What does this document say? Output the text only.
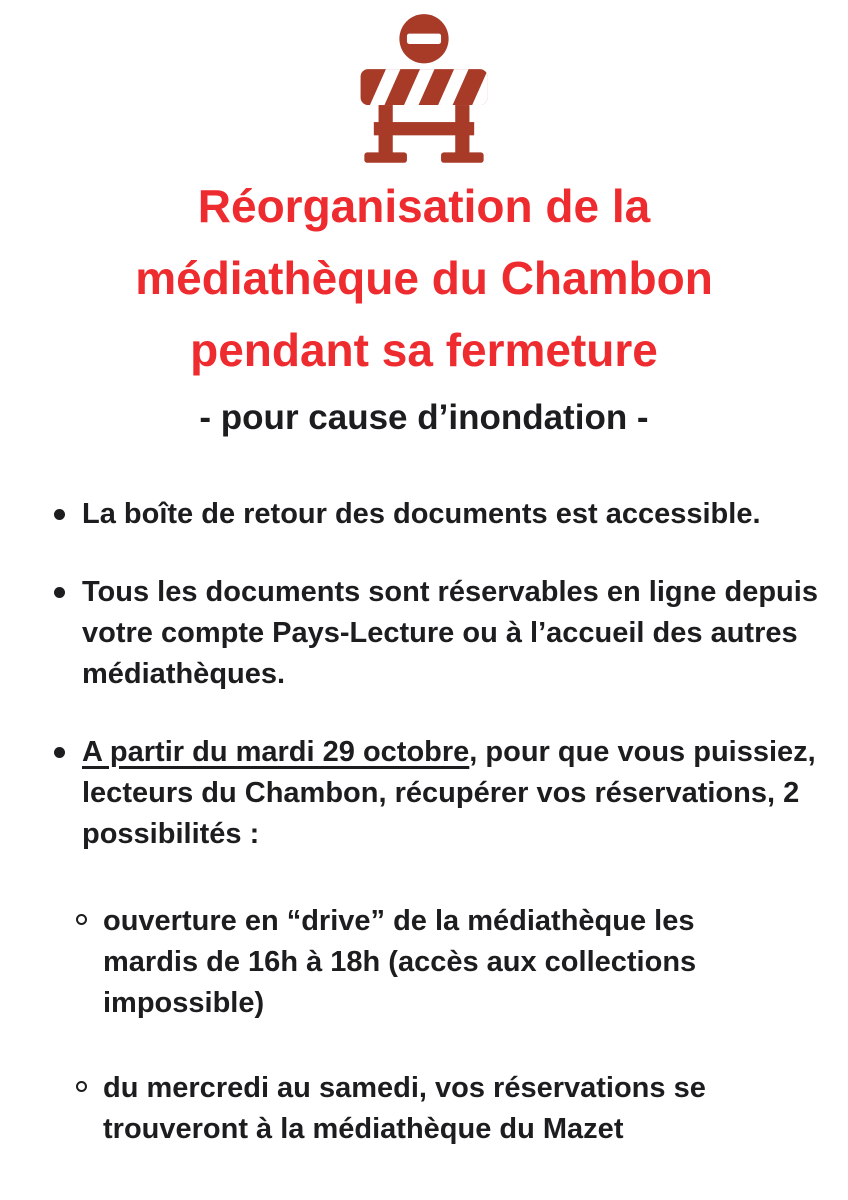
Réorganisation de la
médiathèque du Chambon
pendant sa fermeture
- pour cause d’inondation -
La boîte de retour des documents est accessible.
Tous les documents sont réservables en ligne depuis votre compte Pays-Lecture ou à l’accueil des autres médiathèques.
A partir du mardi 29 octobre, pour que vous puissiez, lecteurs du Chambon, récupérer vos réservations, 2 possibilités :
ouverture en “drive” de la médiathèque les mardis de 16h à 18h (accès aux collections impossible)
du mercredi au samedi, vos réservations se trouveront à la médiathèque du Mazet
